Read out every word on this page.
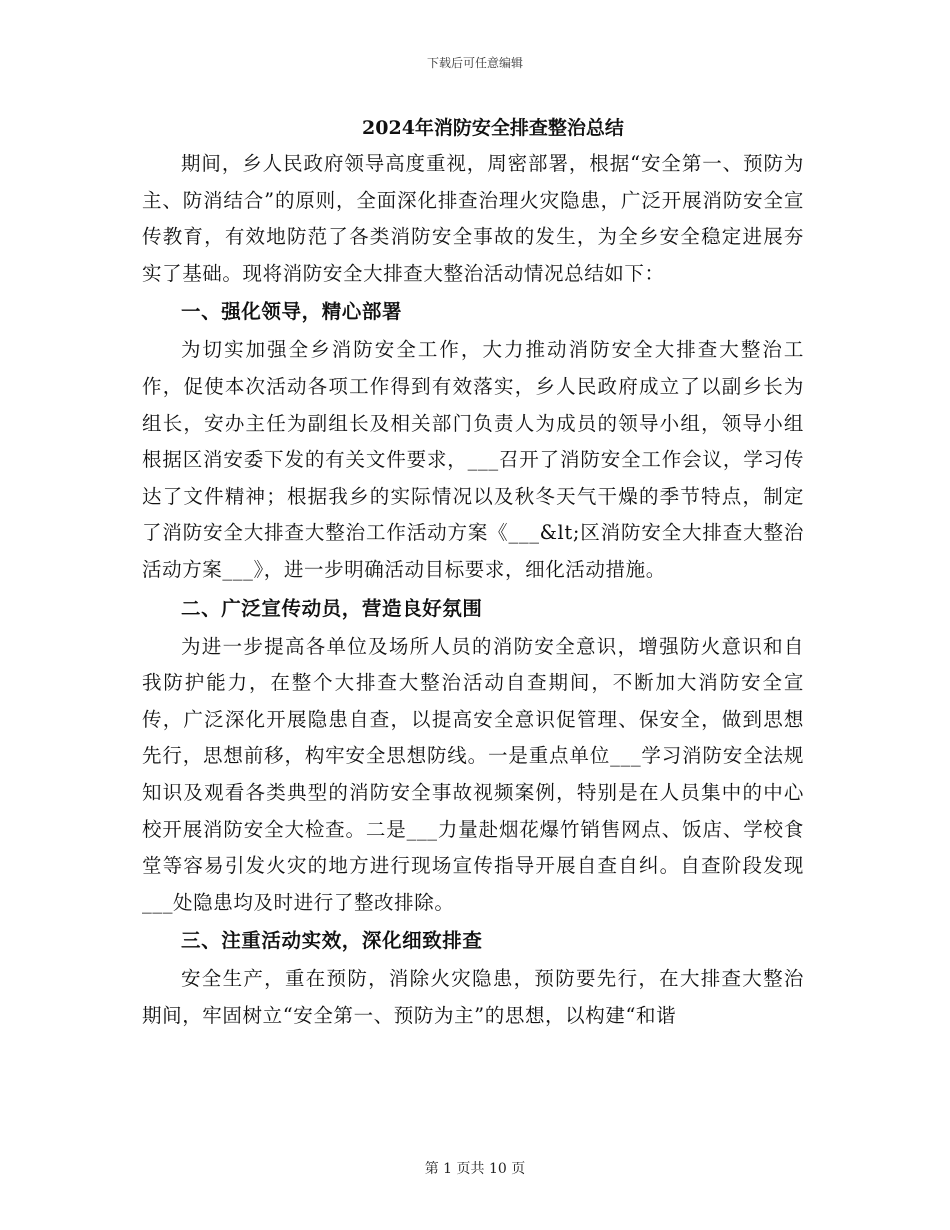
下载后可任意编辑
2024年消防安全排查整治总结

期间，乡人民政府领导高度重视，周密部署，根据“安全第一、预防为主、防消结合”的原则，全面深化排查治理火灾隐患，广泛开展消防安全宣传教育，有效地防范了各类消防安全事故的发生，为全乡安全稳定进展夯实了基础。现将消防安全大排查大整治活动情况总结如下：

一、强化领导，精心部署

为切实加强全乡消防安全工作，大力推动消防安全大排查大整治工作，促使本次活动各项工作得到有效落实，乡人民政府成立了以副乡长为组长，安办主任为副组长及相关部门负责人为成员的领导小组，领导小组根据区消安委下发的有关文件要求，___召开了消防安全工作会议，学习传达了文件精神；根据我乡的实际情况以及秋冬天气干燥的季节特点，制定了消防安全大排查大整治工作活动方案《___&lt;区消防安全大排查大整治活动方案___》，进一步明确活动目标要求，细化活动措施。

二、广泛宣传动员，营造良好氛围

为进一步提高各单位及场所人员的消防安全意识，增强防火意识和自我防护能力，在整个大排查大整治活动自查期间，不断加大消防安全宣传，广泛深化开展隐患自查，以提高安全意识促管理、保安全，做到思想先行，思想前移，构牢安全思想防线。一是重点单位___学习消防安全法规知识及观看各类典型的消防安全事故视频案例，特别是在人员集中的中心校开展消防安全大检查。二是___力量赴烟花爆竹销售网点、饭店、学校食堂等容易引发火灾的地方进行现场宣传指导开展自查自纠。自查阶段发现___处隐患均及时进行了整改排除。

三、注重活动实效，深化细致排查

安全生产，重在预防，消除火灾隐患，预防要先行，在大排查大整治期间，牢固树立“安全第一、预防为主”的思想，以构建“和谐

第 1 页共 10 页
